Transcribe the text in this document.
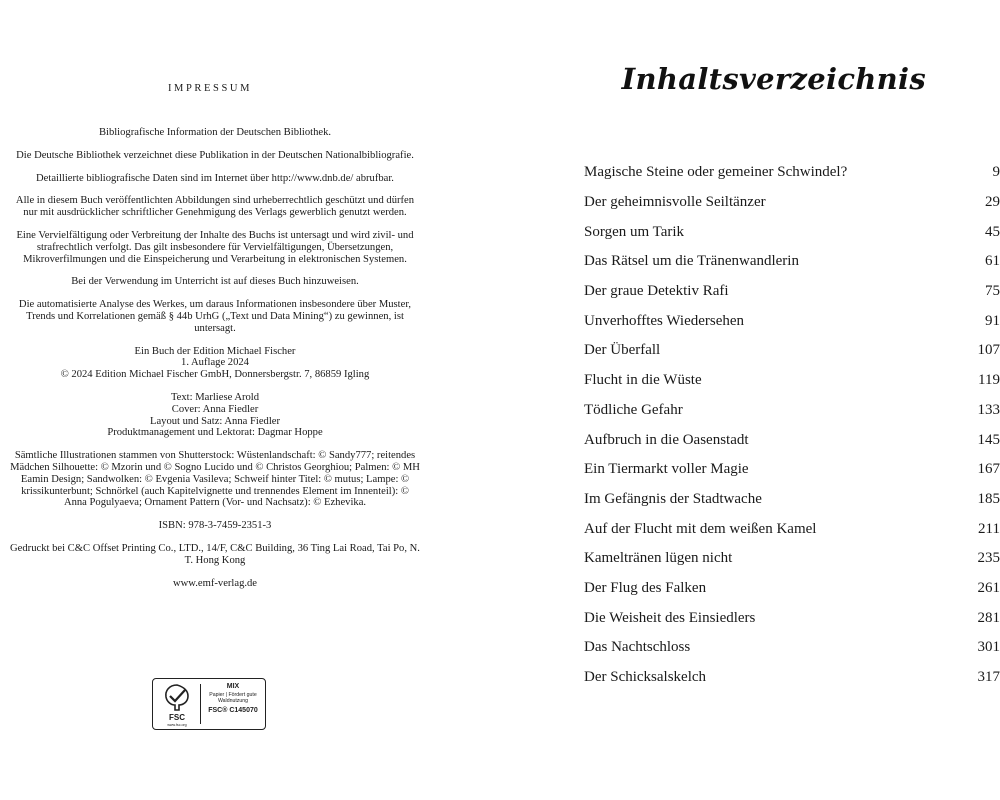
IMPRESSUM

Bibliografische Information der Deutschen Bibliothek.

Die Deutsche Bibliothek verzeichnet diese Publikation in der Deutschen Nationalbibliografie.

Detaillierte bibliografische Daten sind im Internet über http://www.dnb.de/ abrufbar.

Alle in diesem Buch veröffentlichten Abbildungen sind urheberrechtlich geschützt und dürfen nur mit ausdrücklicher schriftlicher Genehmigung des Verlags gewerblich genutzt werden.

Eine Vervielfältigung oder Verbreitung der Inhalte des Buchs ist untersagt und wird zivil- und strafrechtlich verfolgt. Das gilt insbesondere für Vervielfältigungen, Übersetzungen, Mikroverfilmungen und die Einspeicherung und Verarbeitung in elektronischen Systemen.

Bei der Verwendung im Unterricht ist auf dieses Buch hinzuweisen.

Die automatisierte Analyse des Werkes, um daraus Informationen insbesondere über Muster, Trends und Korrelationen gemäß § 44b UrhG („Text und Data Mining“) zu gewinnen, ist untersagt.

Ein Buch der Edition Michael Fischer

1. Auflage 2024

© 2024 Edition Michael Fischer GmbH, Donnersbergstr. 7, 86859 Igling

Text: Marliese Arold

Cover: Anna Fiedler

Layout und Satz: Anna Fiedler

Produktmanagement und Lektorat: Dagmar Hoppe

Sämtliche Illustrationen stammen von Shutterstock: Wüstenlandschaft: © Sandy777; reitendes Mädchen Silhouette: © Mzorin und © Sogno Lucido und © Christos Georghiou; Palmen: © MH Eamin Design; Sandwolken: © Evgenia Vasileva; Schweif hinter Titel: © mutus; Lampe: © krissikunterbunt; Schnörkel (auch Kapitelvignette und trennendes Element im Innenteil): © Anna Pogulyaeva; Ornament Pattern (Vor- und Nachsatz): © Ezhevika.

ISBN: 978-3-7459-2351-3

Gedruckt bei C&C Offset Printing Co., LTD., 14/F, C&C Building, 36 Ting Lai Road, Tai Po, N. T. Hong Kong

www.emf-verlag.de

FSC
www.fsc.org
MIX
Papier | Fördert gute Waldnutzung
FSC® C145070
Inhaltsverzeichnis
Magische Steine oder gemeiner Schwindel?	9
Der geheimnisvolle Seiltänzer	29
Sorgen um Tarik	45
Das Rätsel um die Tränenwandlerin	61
Der graue Detektiv Rafi	75
Unverhofftes Wiedersehen	91
Der Überfall	107
Flucht in die Wüste	119
Tödliche Gefahr	133
Aufbruch in die Oasenstadt	145
Ein Tiermarkt voller Magie	167
Im Gefängnis der Stadtwache	185
Auf der Flucht mit dem weißen Kamel	211
Kameltränen lügen nicht	235
Der Flug des Falken	261
Die Weisheit des Einsiedlers	281
Das Nachtschloss	301
Der Schicksalskelch	317
